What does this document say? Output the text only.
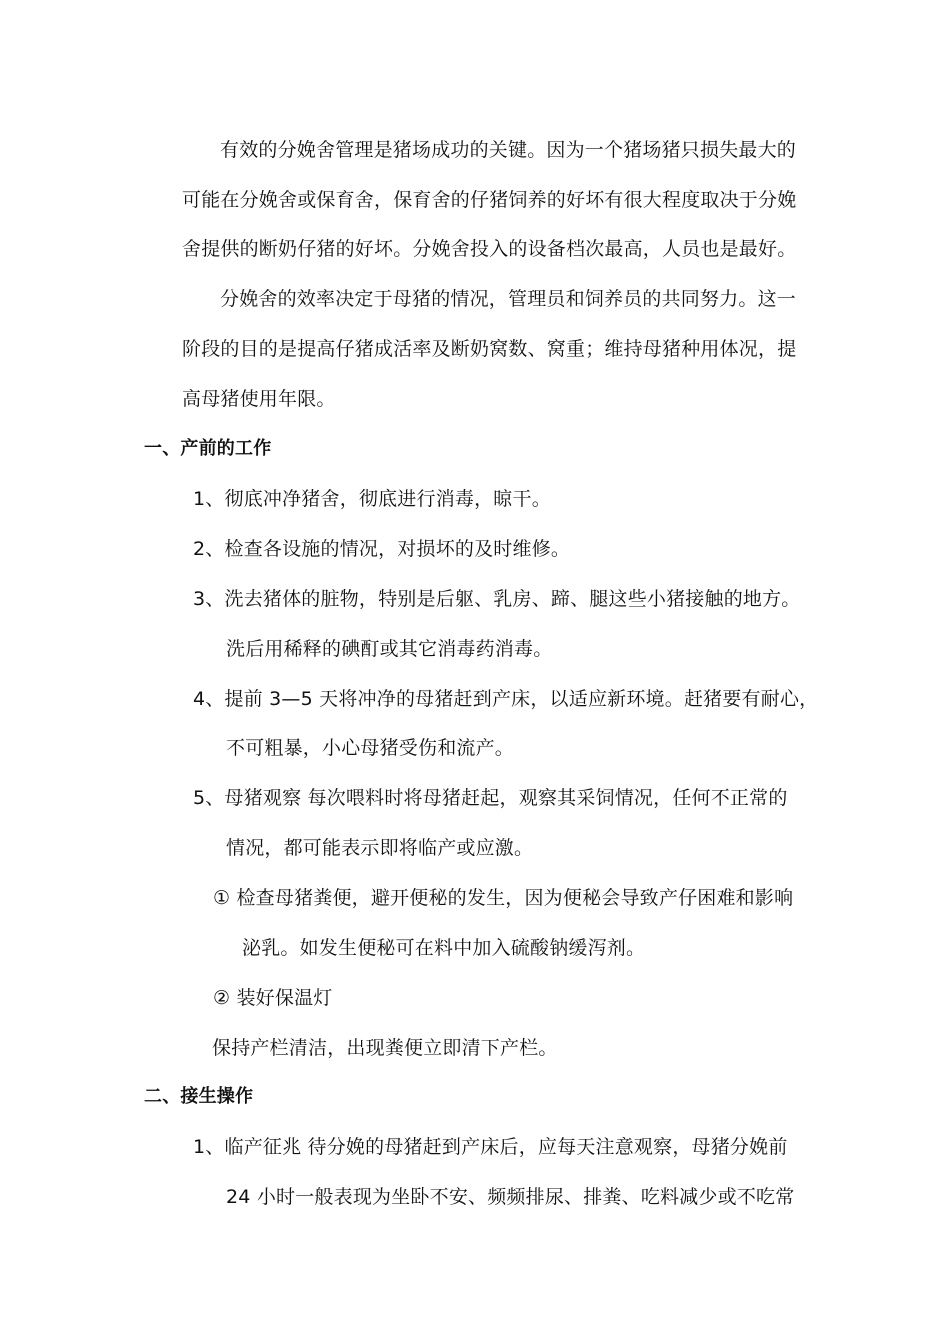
有效的分娩舍管理是猪场成功的关键。因为一个猪场猪只损失最大的
可能在分娩舍或保育舍，保育舍的仔猪饲养的好坏有很大程度取决于分娩
舍提供的断奶仔猪的好坏。分娩舍投入的设备档次最高，人员也是最好。
分娩舍的效率决定于母猪的情况，管理员和饲养员的共同努力。这一
阶段的目的是提高仔猪成活率及断奶窝数、窝重；维持母猪种用体况，提
高母猪使用年限。
一、产前的工作
1、彻底冲净猪舍，彻底进行消毒，晾干。
2、检查各设施的情况，对损坏的及时维修。
3、洗去猪体的脏物，特别是后躯、乳房、蹄、腿这些小猪接触的地方。
洗后用稀释的碘酊或其它消毒药消毒。
4、提前 3—5 天将冲净的母猪赶到产床，以适应新环境。赶猪要有耐心，
不可粗暴，小心母猪受伤和流产。
5、母猪观察 每次喂料时将母猪赶起，观察其采饲情况，任何不正常的
情况，都可能表示即将临产或应激。
① 检查母猪粪便，避开便秘的发生，因为便秘会导致产仔困难和影响
泌乳。如发生便秘可在料中加入硫酸钠缓泻剂。
② 装好保温灯
保持产栏清洁，出现粪便立即清下产栏。
二、接生操作
1、临产征兆 待分娩的母猪赶到产床后，应每天注意观察，母猪分娩前
24 小时一般表现为坐卧不安、频频排尿、排粪、吃料减少或不吃常
